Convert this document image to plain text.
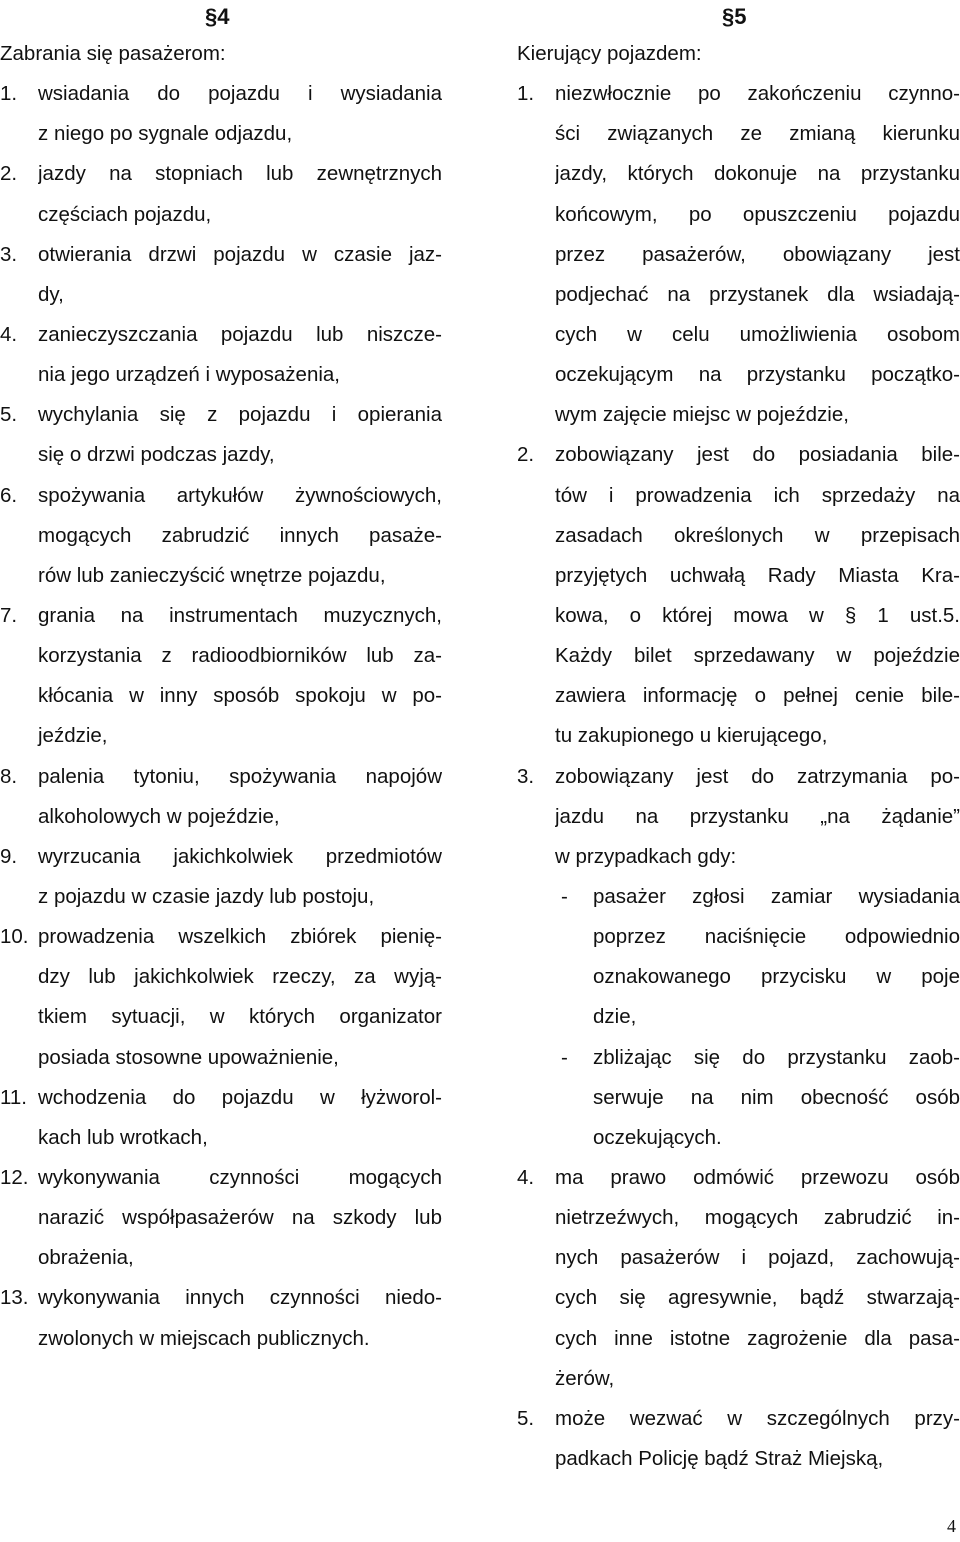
§4
Zabrania się pasażerom:
1. wsiadania do pojazdu i wysiadania
z niego po sygnale odjazdu,
2. jazdy na stopniach lub zewnętrznych
częściach pojazdu,
3. otwierania drzwi pojazdu w czasie jaz-
dy,
4. zanieczyszczania pojazdu lub niszcze-
nia jego urządzeń i wyposażenia,
5. wychylania się z pojazdu i opierania
się o drzwi podczas jazdy,
6. spożywania artykułów żywnościowych,
mogących zabrudzić innych pasaże-
rów lub zanieczyścić wnętrze pojazdu,
7. grania na instrumentach muzycznych,
korzystania z radioodbiorników lub za-
kłócania w inny sposób spokoju w po-
jeździe,
8. palenia tytoniu, spożywania napojów
alkoholowych w pojeździe,
9. wyrzucania jakichkolwiek przedmiotów
z pojazdu w czasie jazdy lub postoju,
10. prowadzenia wszelkich zbiórek pienię-
dzy lub jakichkolwiek rzeczy, za wyją-
tkiem sytuacji, w których organizator
posiada stosowne upoważnienie,
11. wchodzenia do pojazdu w łyżworol-
kach lub wrotkach,
12. wykonywania czynności mogących
narazić współpasażerów na szkody lub
obrażenia,
13. wykonywania innych czynności niedo-
zwolonych w miejscach publicznych.
§5
Kierujący pojazdem:
1. niezwłocznie po zakończeniu czynno-
ści związanych ze zmianą kierunku
jazdy, których dokonuje na przystanku
końcowym, po opuszczeniu pojazdu
przez pasażerów, obowiązany jest
podjechać na przystanek dla wsiadają-
cych w celu umożliwienia osobom
oczekującym na przystanku początko-
wym zajęcie miejsc w pojeździe,
2. zobowiązany jest do posiadania bile-
tów i prowadzenia ich sprzedaży na
zasadach określonych w przepisach
przyjętych uchwałą Rady Miasta Kra-
kowa, o której mowa w § 1 ust.5.
Każdy bilet sprzedawany w pojeździe
zawiera informację o pełnej cenie bile-
tu zakupionego u kierującego,
3. zobowiązany jest do zatrzymania po-
jazdu na przystanku „na żądanie”
w przypadkach gdy:
- pasażer zgłosi zamiar wysiadania
poprzez naciśnięcie odpowiednio
oznakowanego przycisku w poje
dzie,
- zbliżając się do przystanku zaob-
serwuje na nim obecność osób
oczekujących.
4. ma prawo odmówić przewozu osób
nietrzeźwych, mogących zabrudzić in-
nych pasażerów i pojazd, zachowują-
cych się agresywnie, bądź stwarzają-
cych inne istotne zagrożenie dla pasa-
żerów,
5. może wezwać w szczególnych przy-
padkach Policję bądź Straż Miejską,
4
